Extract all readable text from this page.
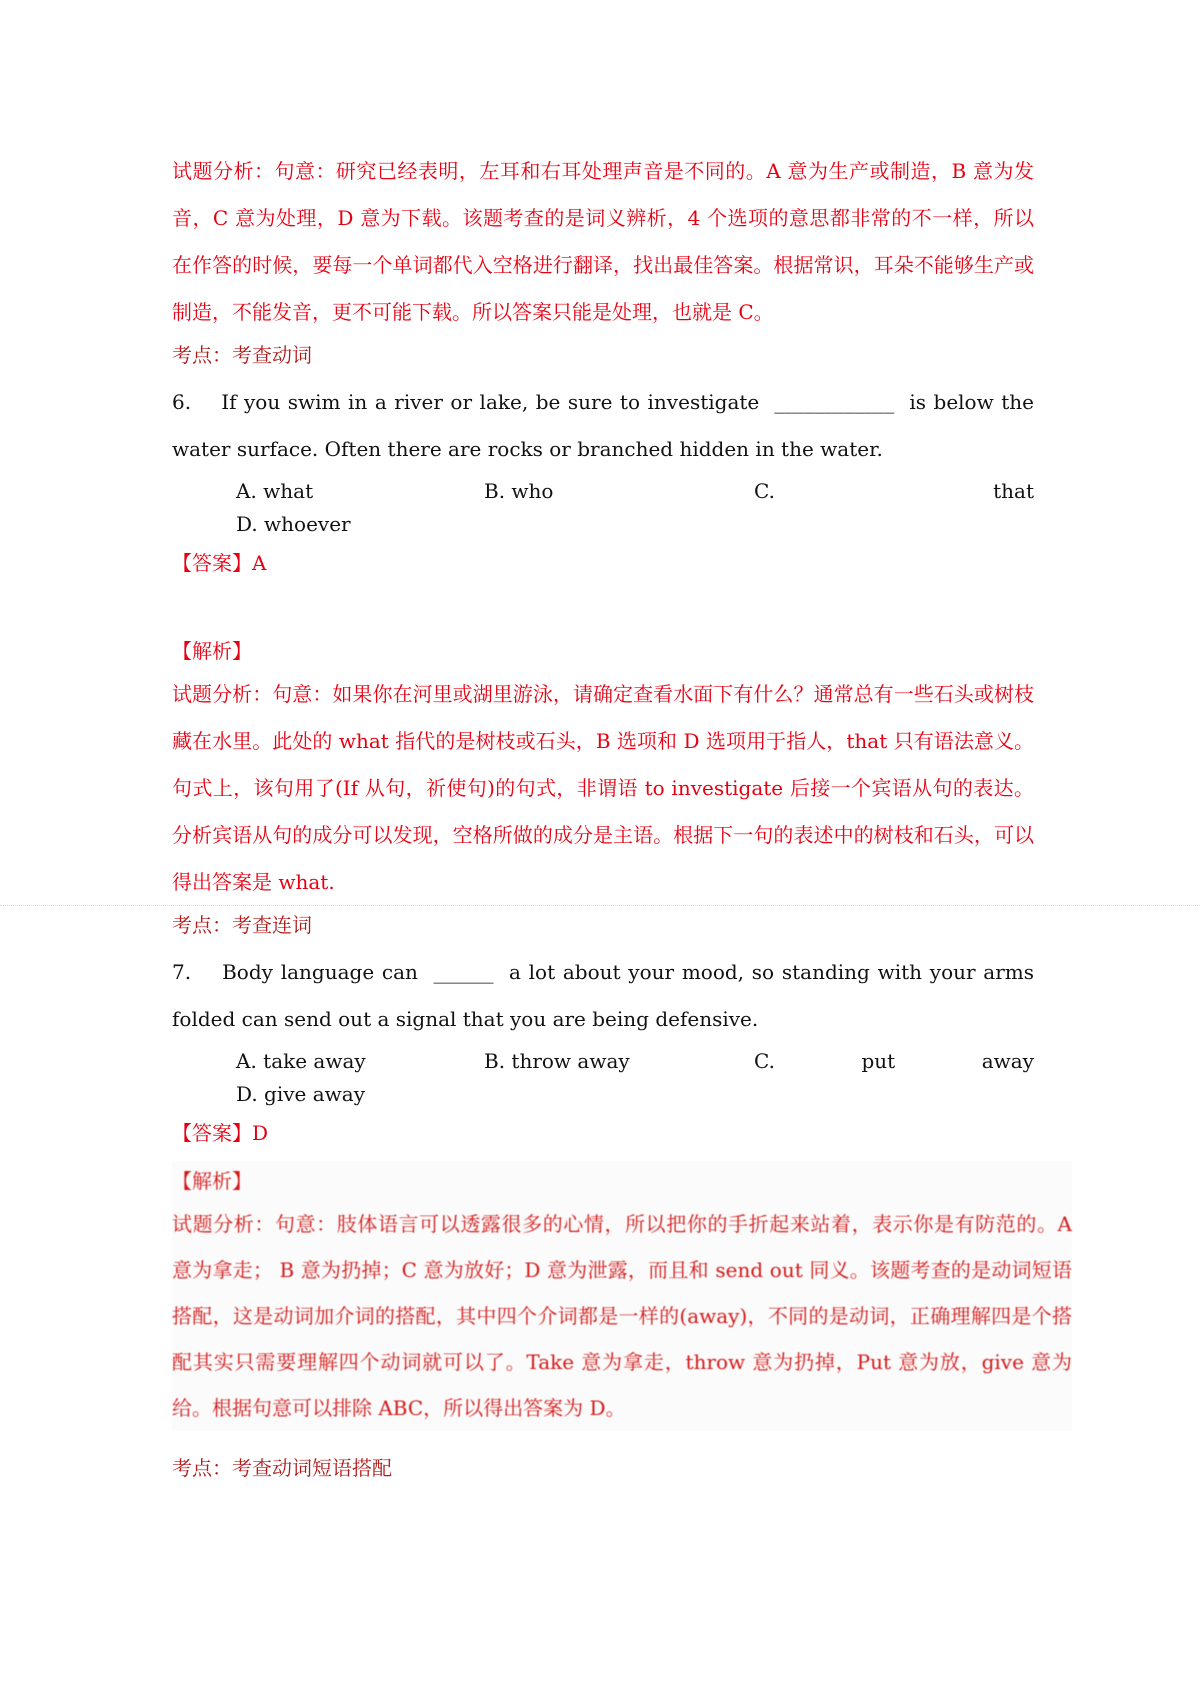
试题分析：句意：研究已经表明，左耳和右耳处理声音是不同的。A 意为生产或制造，B 意为发音，C 意为处理，D 意为下载。该题考查的是词义辨析，4 个选项的意思都非常的不一样，所以在作答的时候，要每一个单词都代入空格进行翻译，找出最佳答案。根据常识，耳朵不能够生产或制造，不能发音，更不可能下载。所以答案只能是处理，也就是 C。

考点：考查动词

6. If you swim in a river or lake, be sure to investigate ____________ is below the water surface. Often there are rocks or branched hidden in the water.

A. what	B. who	C.	that
D. whoever

【答案】A

【解析】

试题分析：句意：如果你在河里或湖里游泳，请确定查看水面下有什么？通常总有一些石头或树枝藏在水里。此处的 what 指代的是树枝或石头，B 选项和 D 选项用于指人，that 只有语法意义。句式上，该句用了(If 从句，祈使句)的句式，非谓语 to investigate 后接一个宾语从句的表达。分析宾语从句的成分可以发现，空格所做的成分是主语。根据下一句的表述中的树枝和石头，可以得出答案是 what.

考点：考查连词

7. Body language can ______ a lot about your mood, so standing with your arms folded can send out a signal that you are being defensive.

A. take away	B. throw away	C.	put	away
D. give away

【答案】D

【解析】

试题分析：句意：肢体语言可以透露很多的心情，所以把你的手折起来站着，表示你是有防范的。A 意为拿走； B 意为扔掉；C 意为放好；D 意为泄露，而且和 send out 同义。该题考查的是动词短语搭配，这是动词加介词的搭配，其中四个介词都是一样的(away)，不同的是动词，正确理解四是个搭配其实只需要理解四个动词就可以了。Take 意为拿走，throw 意为扔掉，Put 意为放，give 意为给。根据句意可以排除 ABC，所以得出答案为 D。

考点：考查动词短语搭配
